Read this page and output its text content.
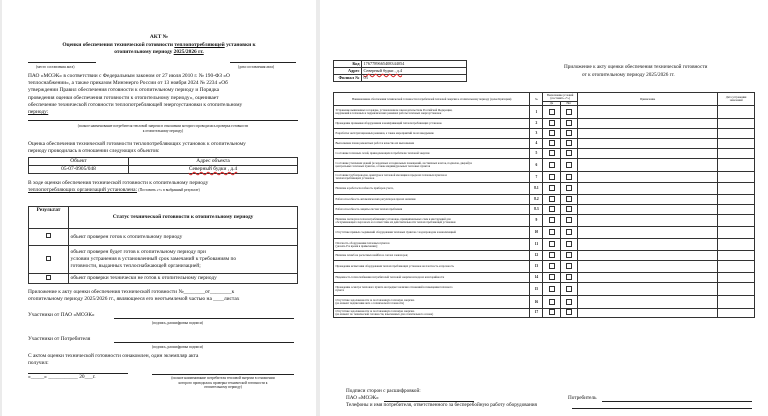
АКТ №
Оценки обеспечения технической готовности теплопотребляющей установки к
отопительному периоду 2025/2026 гг.
(место составления акта)	(дата составления акта)
ПАО «МОЭК» в соответствии с Федеральным законом от 27 июля 2010 г. № 190-ФЗ «О
теплоснабжении», а также приказом Минэнерго России от 13 ноября 2024 № 2234 «Об
утверждении Правил обеспечения готовности к отопительному периоду и Порядка
проведения оценки обеспечения готовности к отопительному периоду», оценивает
обеспечение технической готовности теплопотребляющей энергоустановки к отопительному
периоду:
(полное наименование потребителя тепловой энергии в отношении которого проводилась проверка готовности
к отопительному периоду)
Оценка обеспечения технической готовности теплопотребляющих установок к отопительному
периоду проводилась в отношении следующих объектов:
Объект	Адрес объекта
05-07-0905/048	Северный будки , д.4
В ходе оценки обеспечения технической готовности к отопительному периоду
теплопотребляющих организаций установлена: (Поставить «+» в выбранный результат)
Результат	Статус технической готовности к отопительному периоду
	объект проверен готов к отопительному периоду

	объект проверен будет готов к отопительному периоду при
условии устранения в установленный срок замечаний к требованиям по
готовности, выданных теплоснабжающей организацией;

	объект проверки технически не готов к отопительному периоду
Приложение к акту оценки обеспечения технической готовности №________от________к
отопительному периоду 2025/2026 гг., являющееся его неотъемлемой частью на ____листах
Участники от ПАО «МОЭК»
(подпись, расшифровка подписи)
Участники от Потребителя
(подпись, расшифровка подписи)
С актом оценки технической готовности ознакомлен, один экземпляр акта
получил:
«_____» ___________ 20___г.	(полное наименование потребителя тепловой энергии в отношении
которого проводилась проверка технической готовности к
отопительному периоду)
Код	1767789665408344054
Адрес	Северный будки , д.4
Филиал №	03
Приложение к акту оценки обеспечения технической готовности
от к отопительному периоду 2025/2026 гг.
Наименование обеспечения технической готовности потребителей тепловой энергии к отопительному периоду (далее Критерии)	№	Выполнение условий (поставить «+»)		Примечание	Дата устранения замечаний
		Да	Нет		

Устранение выявленных в порядке, установленном законодательством Российской Федерации,
нарушений в тепловых и гидравлических режимах работы тепловых энергоустановок	1				

Проведение промывки оборудования и коммуникаций теплопотребляющих установок	2				

Разработка эксплуатационных режимов, а также мероприятий по их внедрению	3				

Выполнение плана ремонтных работ и качество их выполнения	4				

Состояние тепловых сетей, принадлежащих потребителю тепловой энергии	5				

Состояние утепления зданий (и чердачных и подвальных помещений, лестничных клеток, подвалов, дверей) и
центральных тепловых пунктов, а также индивидуальных тепловых пунктов	6				

Состояние трубопроводов, арматуры и тепловой изоляции в пределах тепловых пунктов и
теплопотребляющих установок	7				

Наличие и работоспособность приборов учета,	8.1				

Работоспособность автоматических регуляторов при их наличии	8.2				

Работоспособность защиты систем теплопотребления	8.3				

Наличие паспортов теплопотребляющих установок, принципиальных схем и инструкций для
обслуживающего персонала и соответствие их действительности теплопотребляющей установки	9				

Отсутствие прямых соединений оборудования тепловых пунктов с водопроводом и канализацией	10				

Плотность оборудования тепловых пунктов
(указать Р и время в примечании);	11				

Наличие пломб на расчетных шайбах и соплах элеваторов;	12				

Проведение испытания оборудования теплопотребляющих установок на плотность и прочность	13				

Надежность теплоснабжения потребителей тепловой энергии исходя из категорийности	14				

Проведение осмотра теплового пункта на предмет наличия отложений в помещении теплового
пункта	15				

Отсутствие задолженности за поставленную тепловую энергию
(на момент подписания акта о технической готовности)	16				

Отсутствие задолженности за поставленную тепловую энергию
(на момент по технической готовности, взысканных для отопительного сезона)	17				
Подписи сторон с расшифровкой:
ПАО «МОЭК»	Потребитель
Телефоны и имя потребителя, ответственного за бесперебойную работу оборудования
